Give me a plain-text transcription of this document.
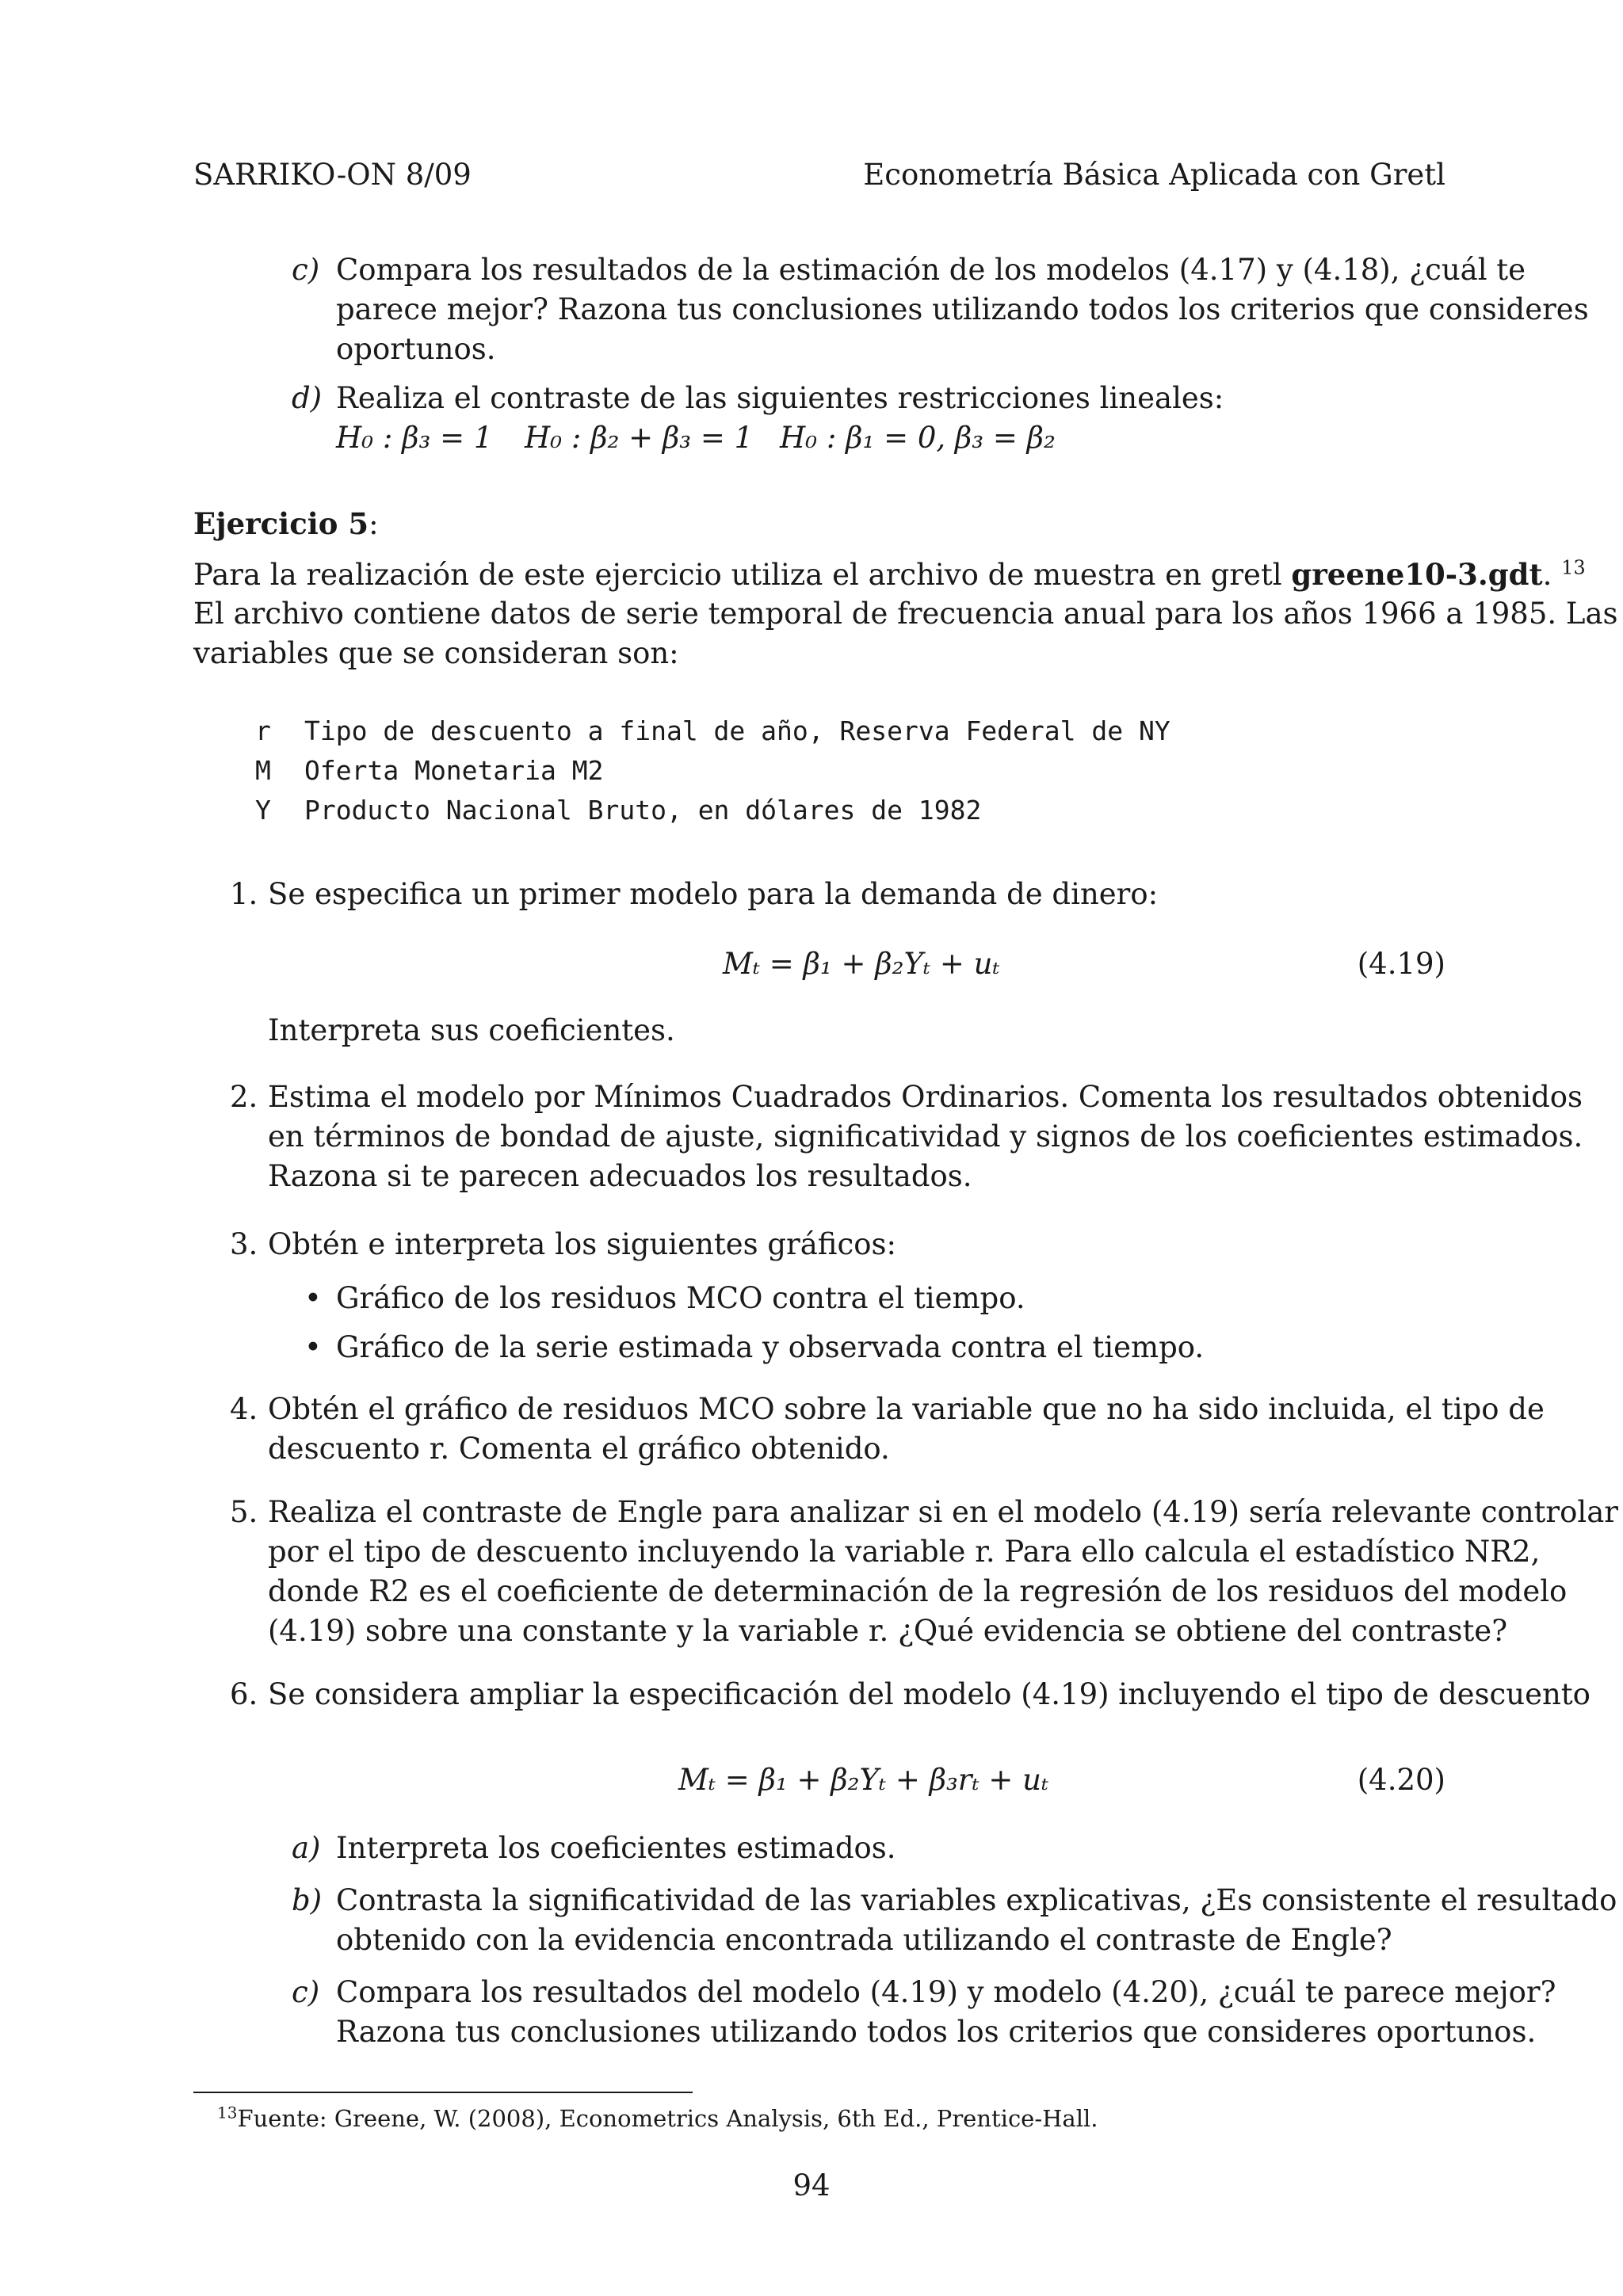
SARRIKO-ON 8/09	Econometría Básica Aplicada con Gretl
c) Compara los resultados de la estimación de los modelos (4.17) y (4.18), ¿cuál te
parece mejor? Razona tus conclusiones utilizando todos los criterios que consideres
oportunos.
d) Realiza el contraste de las siguientes restricciones lineales:
H₀ : β₃ = 1 H₀ : β₂ + β₃ = 1 H₀ : β₁ = 0, β₃ = β₂
Ejercicio 5:
Para la realización de este ejercicio utiliza el archivo de muestra en gretl greene10-3.gdt. $^{13}$
El archivo contiene datos de serie temporal de frecuencia anual para los años 1966 a 1985. Las
variables que se consideran son:
r Tipo de descuento a final de año, Reserva Federal de NY
M Oferta Monetaria M2
Y Producto Nacional Bruto, en dólares de 1982
1. Se especifica un primer modelo para la demanda de dinero:
Mₜ = β₁ + β₂Yₜ + uₜ	(4.19)
Interpreta sus coeficientes.
2. Estima el modelo por Mínimos Cuadrados Ordinarios. Comenta los resultados obtenidos
en términos de bondad de ajuste, significatividad y signos de los coeficientes estimados.
Razona si te parecen adecuados los resultados.
3. Obtén e interpreta los siguientes gráficos:
• Gráfico de los residuos MCO contra el tiempo.
• Gráfico de la serie estimada y observada contra el tiempo.
4. Obtén el gráfico de residuos MCO sobre la variable que no ha sido incluida, el tipo de
descuento r. Comenta el gráfico obtenido.
5. Realiza el contraste de Engle para analizar si en el modelo (4.19) sería relevante controlar
por el tipo de descuento incluyendo la variable r. Para ello calcula el estadístico NR2,
donde R2 es el coeficiente de determinación de la regresión de los residuos del modelo
(4.19) sobre una constante y la variable r. ¿Qué evidencia se obtiene del contraste?
6. Se considera ampliar la especificación del modelo (4.19) incluyendo el tipo de descuento
Mₜ = β₁ + β₂Yₜ + β₃rₜ + uₜ	(4.20)
a) Interpreta los coeficientes estimados.
b) Contrasta la significatividad de las variables explicativas, ¿Es consistente el resultado
obtenido con la evidencia encontrada utilizando el contraste de Engle?
c) Compara los resultados del modelo (4.19) y modelo (4.20), ¿cuál te parece mejor?
Razona tus conclusiones utilizando todos los criterios que consideres oportunos.
$^{13}$Fuente: Greene, W. (2008), Econometrics Analysis, 6th Ed., Prentice-Hall.
94
